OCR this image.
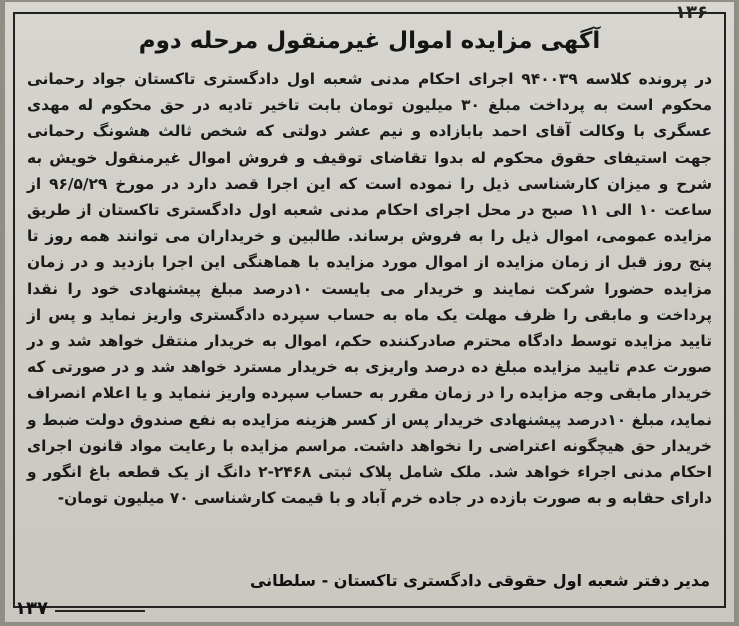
۱۳۶
آگهی مزایده اموال غیرمنقول مرحله دوم
در پرونده کلاسه ۹۴۰۰۳۹ اجرای احکام مدنی شعبه اول دادگستری تاکستان جواد رحمانی محکوم است به پرداخت مبلغ ۳۰ میلیون تومان بابت تاخیر تادیه در حق محکوم له مهدی عسگری با وکالت آقای احمد بابازاده و نیم عشر دولتی که شخص ثالث هشونگ رحمانی جهت استیفای حقوق محکوم له بدوا تقاضای توقیف و فروش اموال غیرمنقول خویش به شرح و میزان کارشناسی ذیل را نموده است که این اجرا قصد دارد در مورخ ۹۶/۵/۲۹ از ساعت ۱۰ الی ۱۱ صبح در محل اجرای احکام مدنی شعبه اول دادگستری تاکستان از طریق مزایده عمومی، اموال ذیل را به فروش برساند. طالبین و خریداران می توانند همه روز تا پنج روز قبل از زمان مزایده از اموال مورد مزایده با هماهنگی این اجرا بازدید و در زمان مزایده حضورا شرکت نمایند و خریدار می بایست ۱۰درصد مبلغ پیشنهادی خود را نقدا پرداخت و مابقی را ظرف مهلت یک ماه به حساب سپرده دادگستری واریز نماید و پس از تایید مزایده توسط دادگاه محترم صادرکننده حکم، اموال به خریدار منتقل خواهد شد و در صورت عدم تایید مزایده مبلغ ده درصد واریزی به خریدار مسترد خواهد شد و در صورتی که خریدار مابقی وجه مزایده را در زمان مقرر به حساب سپرده واریز ننماید و یا اعلام انصراف نماید، مبلغ ۱۰درصد پیشنهادی خریدار پس از کسر هزینه مزایده به نفع صندوق دولت ضبط و خریدار حق هیچگونه اعتراضی را نخواهد داشت. مراسم مزایده با رعایت مواد قانون اجرای احکام مدنی اجراء خواهد شد. ملک شامل پلاک ثبتی ۲۴۶۸-۲ دانگ از یک قطعه باغ انگور و دارای حقابه و به صورت بازده در جاده خرم آباد و با قیمت کارشناسی ۷۰ میلیون تومان-
مدیر دفتر شعبه اول حقوقی دادگستری تاکستان - سلطانی
۱۳۷
